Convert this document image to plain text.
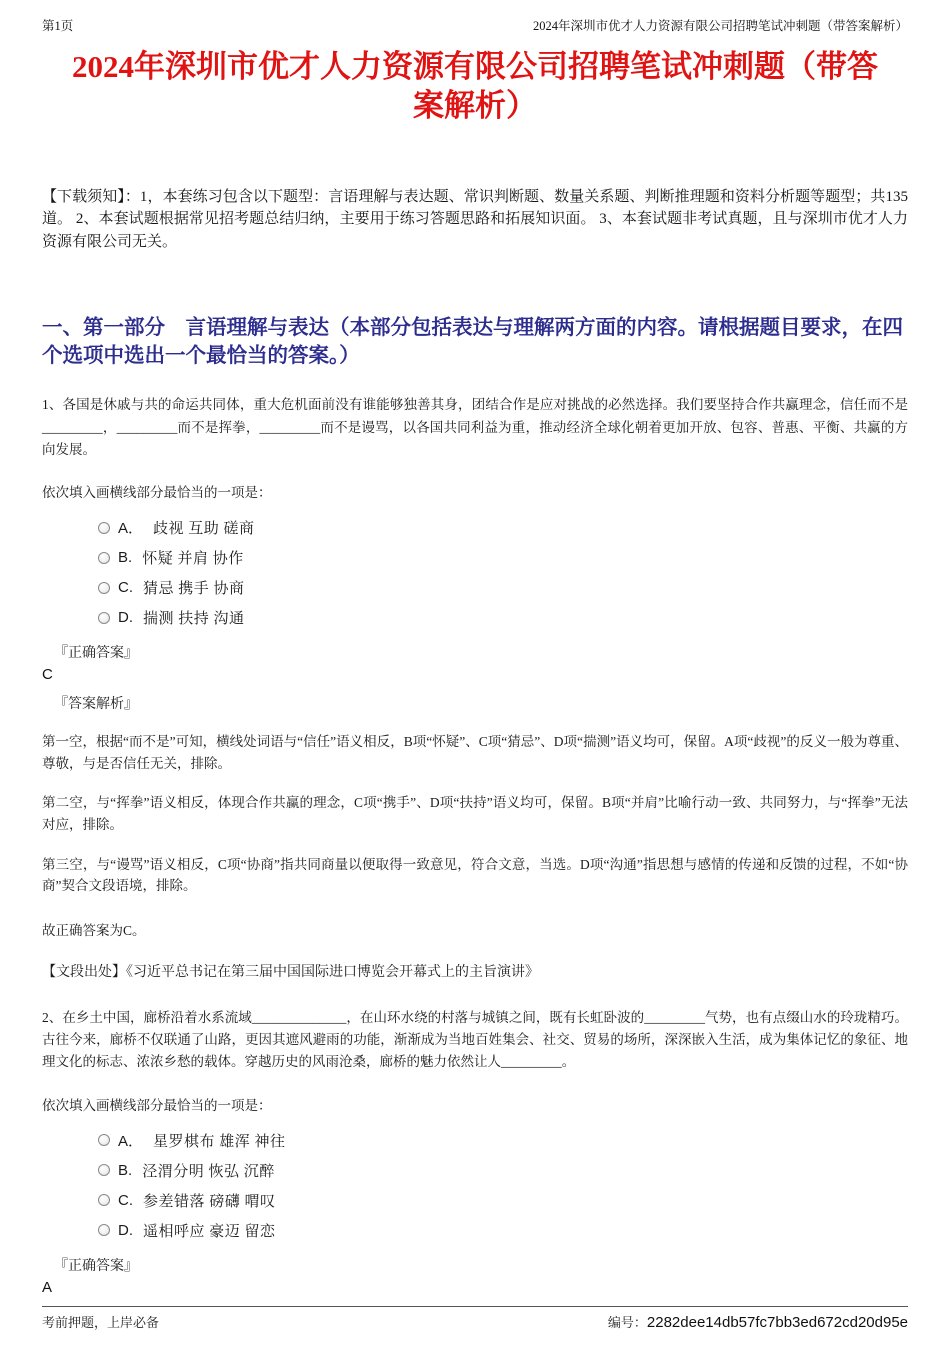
第1页	2024年深圳市优才人力资源有限公司招聘笔试冲刺题（带答案解析）
2024年深圳市优才人力资源有限公司招聘笔试冲刺题（带答案解析）

【下载须知】：1，本套练习包含以下题型：言语理解与表达题、常识判断题、数量关系题、判断推理题和资料分析题等题型；共135道。 2、本套试题根据常见招考题总结归纳，主要用于练习答题思路和拓展知识面。 3、本套试题非考试真题，且与深圳市优才人力资源有限公司无关。

一、第一部分　言语理解与表达（本部分包括表达与理解两方面的内容。请根据题目要求，在四个选项中选出一个最恰当的答案。）

1、各国是休戚与共的命运共同体，重大危机面前没有谁能够独善其身，团结合作是应对挑战的必然选择。我们要坚持合作共赢理念，信任而不是_________，_________而不是挥拳，_________而不是谩骂，以各国共同利益为重，推动经济全球化朝着更加开放、包容、普惠、平衡、共赢的方向发展。

依次填入画横线部分最恰当的一项是：

A． 歧视 互助 磋商
B. 怀疑 并肩 协作
C. 猜忌 携手 协商
D. 揣测 扶持 沟通
『正确答案』
C
『答案解析』

第一空，根据“而不是”可知，横线处词语与“信任”语义相反，B项“怀疑”、C项“猜忌”、D项“揣测”语义均可，保留。A项“歧视”的反义一般为尊重、尊敬，与是否信任无关，排除。

第二空，与“挥拳”语义相反，体现合作共赢的理念，C项“携手”、D项“扶持”语义均可，保留。B项“并肩”比喻行动一致、共同努力，与“挥拳”无法对应，排除。

第三空，与“谩骂”语义相反，C项“协商”指共同商量以便取得一致意见，符合文意，当选。D项“沟通”指思想与感情的传递和反馈的过程，不如“协商”契合文段语境，排除。

故正确答案为C。

【文段出处】《习近平总书记在第三届中国国际进口博览会开幕式上的主旨演讲》

2、在乡土中国，廊桥沿着水系流域______________，在山环水绕的村落与城镇之间，既有长虹卧波的_________气势，也有点缀山水的玲珑精巧。古往今来，廊桥不仅联通了山路，更因其遮风避雨的功能，渐渐成为当地百姓集会、社交、贸易的场所，深深嵌入生活，成为集体记忆的象征、地理文化的标志、浓浓乡愁的载体。穿越历史的风雨沧桑，廊桥的魅力依然让人_________。

依次填入画横线部分最恰当的一项是：

A． 星罗棋布 雄浑 神往
B. 泾渭分明 恢弘 沉醉
C. 参差错落 磅礴 喟叹
D. 遥相呼应 豪迈 留恋
『正确答案』
A
考前押题，上岸必备	编号：2282dee14db57fc7bb3ed672cd20d95e
